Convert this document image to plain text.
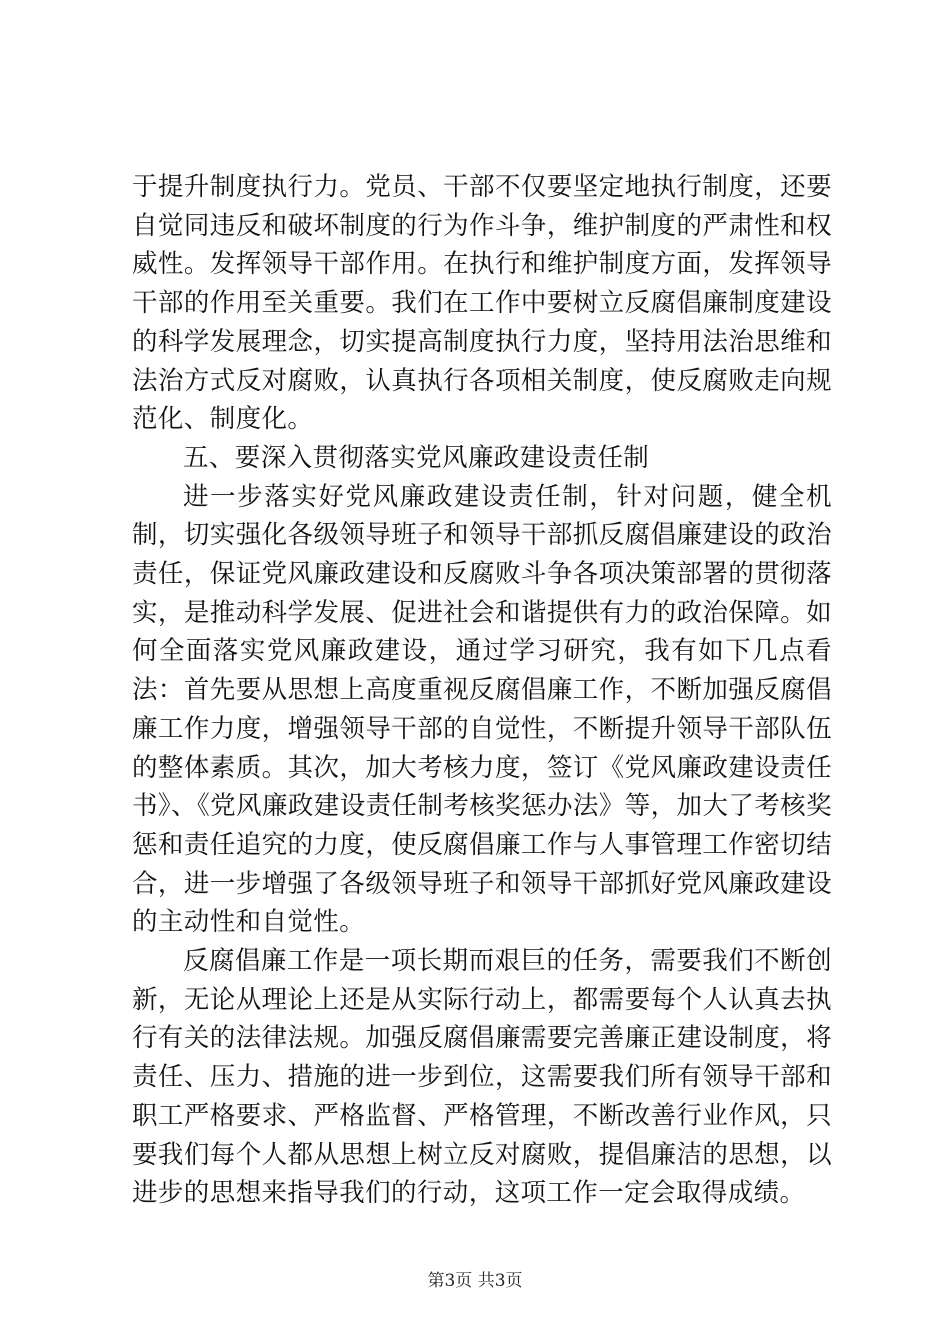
于提升制度执行力。党员、干部不仅要坚定地执行制度，还要自觉同违反和破坏制度的行为作斗争，维护制度的严肃性和权威性。发挥领导干部作用。在执行和维护制度方面，发挥领导干部的作用至关重要。我们在工作中要树立反腐倡廉制度建设的科学发展理念，切实提高制度执行力度，坚持用法治思维和法治方式反对腐败，认真执行各项相关制度，使反腐败走向规范化、制度化。

五、要深入贯彻落实党风廉政建设责任制

进一步落实好党风廉政建设责任制，针对问题，健全机制，切实强化各级领导班子和领导干部抓反腐倡廉建设的政治责任，保证党风廉政建设和反腐败斗争各项决策部署的贯彻落实，是推动科学发展、促进社会和谐提供有力的政治保障。如何全面落实党风廉政建设，通过学习研究，我有如下几点看法：首先要从思想上高度重视反腐倡廉工作，不断加强反腐倡廉工作力度，增强领导干部的自觉性，不断提升领导干部队伍的整体素质。其次，加大考核力度，签订《党风廉政建设责任书》、《党风廉政建设责任制考核奖惩办法》等，加大了考核奖惩和责任追究的力度，使反腐倡廉工作与人事管理工作密切结合，进一步增强了各级领导班子和领导干部抓好党风廉政建设的主动性和自觉性。

反腐倡廉工作是一项长期而艰巨的任务，需要我们不断创新，无论从理论上还是从实际行动上，都需要每个人认真去执行有关的法律法规。加强反腐倡廉需要完善廉正建设制度，将责任、压力、措施的进一步到位，这需要我们所有领导干部和职工严格要求、严格监督、严格管理，不断改善行业作风，只要我们每个人都从思想上树立反对腐败，提倡廉洁的思想，以进步的思想来指导我们的行动，这项工作一定会取得成绩。

第3页 共3页
